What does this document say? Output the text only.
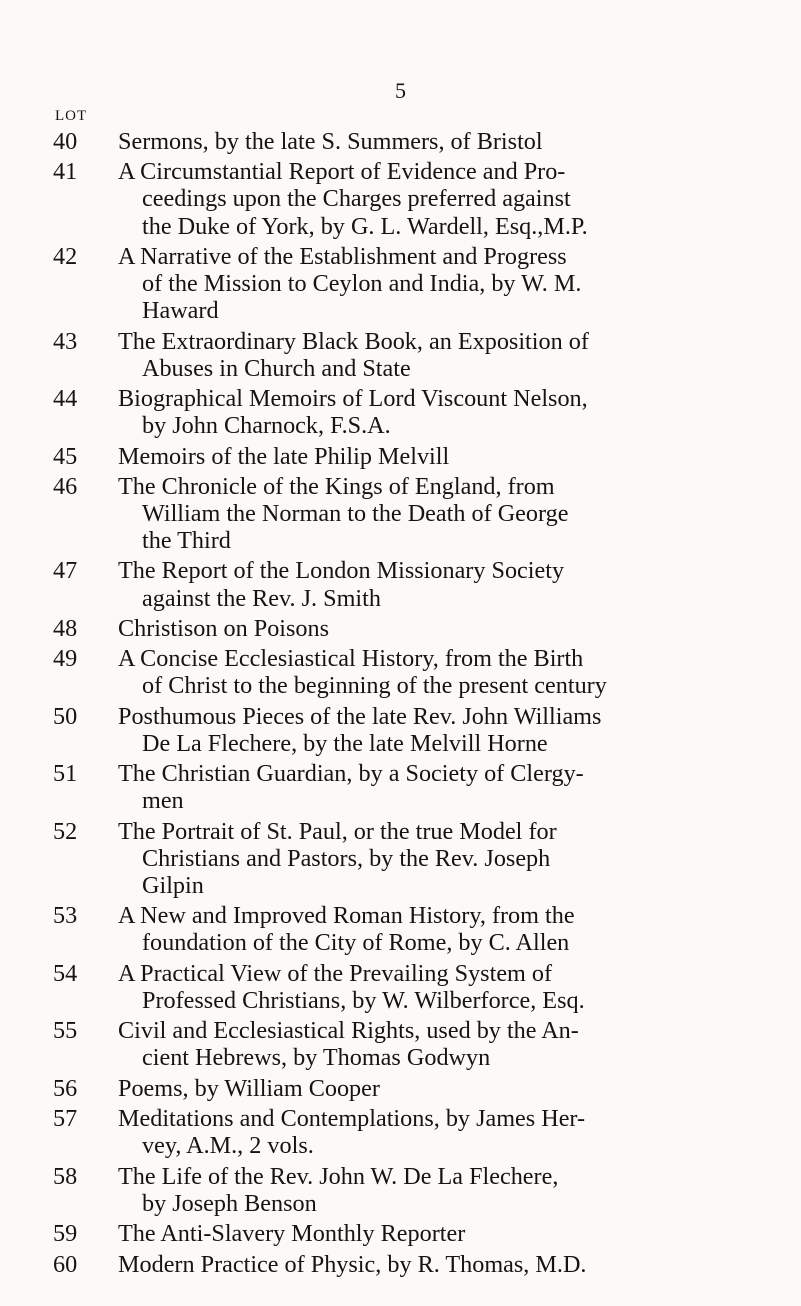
5
LOT
40	Sermons, by the late S. Summers, of Bristol
41	A Circumstantial Report of Evidence and Pro-
ceedings upon the Charges preferred against
the Duke of York, by G. L. Wardell, Esq.,M.P.
42	A Narrative of the Establishment and Progress
of the Mission to Ceylon and India, by W. M.
Haward
43	The Extraordinary Black Book, an Exposition of
Abuses in Church and State
44	Biographical Memoirs of Lord Viscount Nelson,
by John Charnock, F.S.A.
45	Memoirs of the late Philip Melvill
46	The Chronicle of the Kings of England, from
William the Norman to the Death of George
the Third
47	The Report of the London Missionary Society
against the Rev. J. Smith
48	Christison on Poisons
49	A Concise Ecclesiastical History, from the Birth
of Christ to the beginning of the present century
50	Posthumous Pieces of the late Rev. John Williams
De La Flechere, by the late Melvill Horne
51	The Christian Guardian, by a Society of Clergy-
men
52	The Portrait of St. Paul, or the true Model for
Christians and Pastors, by the Rev. Joseph
Gilpin
53	A New and Improved Roman History, from the
foundation of the City of Rome, by C. Allen
54	A Practical View of the Prevailing System of
Professed Christians, by W. Wilberforce, Esq.
55	Civil and Ecclesiastical Rights, used by the An-
cient Hebrews, by Thomas Godwyn
56	Poems, by William Cooper
57	Meditations and Contemplations, by James Her-
vey, A.M., 2 vols.
58	The Life of the Rev. John W. De La Flechere,
by Joseph Benson
59	The Anti-Slavery Monthly Reporter
60	Modern Practice of Physic, by R. Thomas, M.D.
